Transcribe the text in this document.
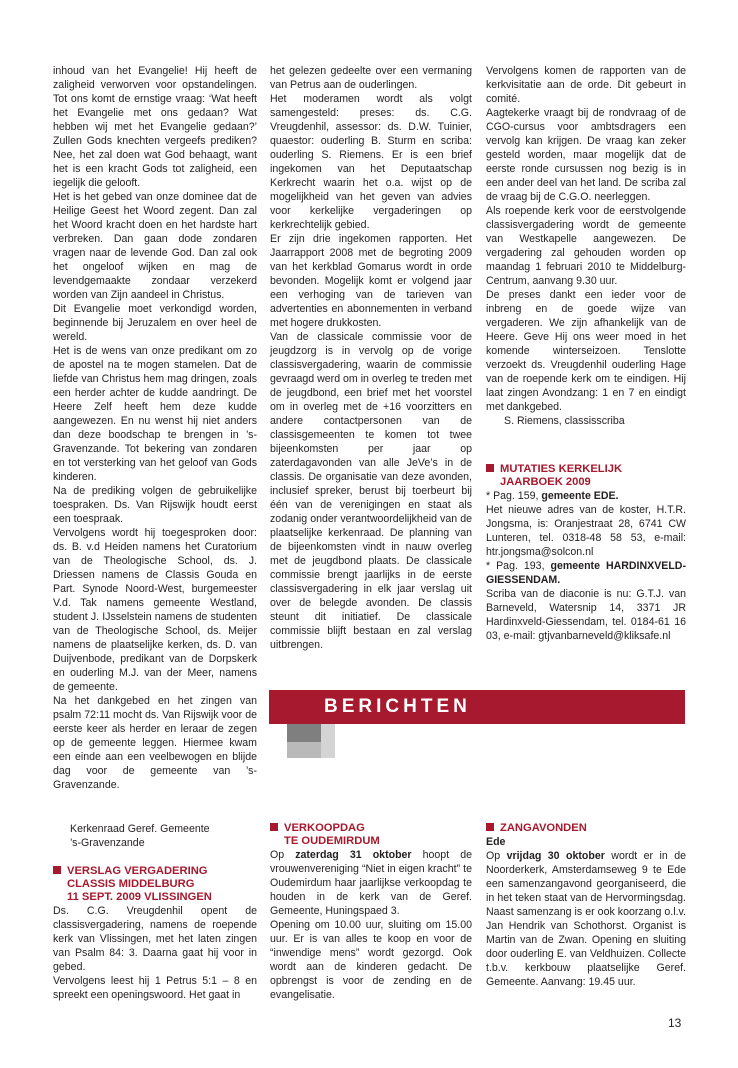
inhoud van het Evangelie! Hij heeft de zaligheid verworven voor opstandelingen. Tot ons komt de ernstige vraag: ‘Wat heeft het Evangelie met ons gedaan? Wat hebben wij met het Evangelie gedaan?’ Zullen Gods knechten vergeefs prediken? Nee, het zal doen wat God behaagt, want het is een kracht Gods tot zaligheid, een iegelijk die gelooft.

Het is het gebed van onze dominee dat de Heilige Geest het Woord zegent. Dan zal het Woord kracht doen en het hardste hart verbreken. Dan gaan dode zondaren vragen naar de levende God. Dan zal ook het ongeloof wijken en mag de levendgemaakte zondaar verzekerd worden van Zijn aandeel in Christus.

Dit Evangelie moet verkondigd worden, beginnende bij Jeruzalem en over heel de wereld.

Het is de wens van onze predikant om zo de apostel na te mogen stamelen. Dat de liefde van Christus hem mag dringen, zoals een herder achter de kudde aandringt. De Heere Zelf heeft hem deze kudde aangewezen. En nu wenst hij niet anders dan deze boodschap te brengen in ’s-Gravenzande. Tot bekering van zondaren en tot versterking van het geloof van Gods kinderen.

Na de prediking volgen de gebruikelijke toespraken. Ds. Van Rijswijk houdt eerst een toespraak.

Vervolgens wordt hij toegesproken door: ds. B. v.d Heiden namens het Curatorium van de Theologische School, ds. J. Driessen namens de Classis Gouda en Part. Synode Noord-West, burgemeester V.d. Tak namens gemeente Westland, student J. IJsselstein namens de studenten van de Theologische School, ds. Meijer namens de plaatselijke kerken, ds. D. van Duijvenbode, predikant van de Dorpskerk en ouderling M.J. van der Meer, namens de gemeente.

Na het dankgebed en het zingen van psalm 72:11 mocht ds. Van Rijswijk voor de eerste keer als herder en leraar de zegen op de gemeente leggen. Hiermee kwam een einde aan een veelbewogen en blijde dag voor de gemeente van ’s-Gravenzande.

Kerkenraad Geref. Gemeente

’s-Gravenzande

VERSLAG VERGADERING
CLASSIS MIDDELBURG
11 SEPT. 2009 VLISSINGEN

Ds. C.G. Vreugdenhil opent de classisvergadering, namens de roepende kerk van Vlissingen, met het laten zingen van Psalm 84: 3. Daarna gaat hij voor in gebed.

Vervolgens leest hij 1 Petrus 5:1 – 8 en spreekt een openingswoord. Het gaat in

het gelezen gedeelte over een vermaning van Petrus aan de ouderlingen.

Het moderamen wordt als volgt samengesteld: preses: ds. C.G. Vreugdenhil, assessor: ds. D.W. Tuinier, quaestor: ouderling B. Sturm en scriba: ouderling S. Riemens. Er is een brief ingekomen van het Deputaatschap Kerkrecht waarin het o.a. wijst op de mogelijkheid van het geven van advies voor kerkelijke vergaderingen op kerkrechtelijk gebied.

Er zijn drie ingekomen rapporten. Het Jaarrapport 2008 met de begroting 2009 van het kerkblad Gomarus wordt in orde bevonden. Mogelijk komt er volgend jaar een verhoging van de tarieven van advertenties en abonnementen in verband met hogere drukkosten.

Van de classicale commissie voor de jeugdzorg is in vervolg op de vorige classisvergadering, waarin de commissie gevraagd werd om in overleg te treden met de jeugdbond, een brief met het voorstel om in overleg met de +16 voorzitters en andere contactpersonen van de classisgemeenten te komen tot twee bijeenkomsten per jaar op zaterdagavonden van alle JeVe’s in de classis. De organisatie van deze avonden, inclusief spreker, berust bij toerbeurt bij één van de verenigingen en staat als zodanig onder verantwoordelijkheid van de plaatselijke kerkenraad. De planning van de bijeenkomsten vindt in nauw overleg met de jeugdbond plaats. De classicale commissie brengt jaarlijks in de eerste classisvergadering in elk jaar verslag uit over de belegde avonden. De classis steunt dit initiatief. De classicale commissie blijft bestaan en zal verslag uitbrengen.

Vervolgens komen de rapporten van de kerkvisitatie aan de orde. Dit gebeurt in comité.

Aagtekerke vraagt bij de rondvraag of de CGO-cursus voor ambtsdragers een vervolg kan krijgen. De vraag kan zeker gesteld worden, maar mogelijk dat de eerste ronde cursussen nog bezig is in een ander deel van het land. De scriba zal de vraag bij de C.G.O. neerleggen.

Als roepende kerk voor de eerstvolgende classisvergadering wordt de gemeente van Westkapelle aangewezen. De vergadering zal gehouden worden op maandag 1 februari 2010 te Middelburg-Centrum, aanvang 9.30 uur.

De preses dankt een ieder voor de inbreng en de goede wijze van vergaderen. We zijn afhankelijk van de Heere. Geve Hij ons weer moed in het komende winterseizoen. Tenslotte verzoekt ds. Vreugdenhil ouderling Hage van de roepende kerk om te eindigen. Hij laat zingen Avondzang: 1 en 7 en eindigt met dankgebed.

S. Riemens, classisscriba

MUTATIES KERKELIJK
JAARBOEK 2009

* Pag. 159, gemeente EDE.

Het nieuwe adres van de koster, H.T.R. Jongsma, is: Oranjestraat 28, 6741 CW Lunteren, tel. 0318-48 58 53, e-mail: htr.jongsma@solcon.nl

* Pag. 193, gemeente HARDINXVELD-GIESSENDAM.

Scriba van de diaconie is nu: G.T.J. van Barneveld, Watersnip 14, 3371 JR Hardinxveld-Giessendam, tel. 0184-61 16 03, e-mail: gtjvanbarneveld@kliksafe.nl

BERICHTEN
VERKOOPDAG
TE OUDEMIRDUM

Op zaterdag 31 oktober hoopt de vrouwenvereniging “Niet in eigen kracht” te Oudemirdum haar jaarlijkse verkoopdag te houden in de kerk van de Geref. Gemeente, Huningspaed 3.

Opening om 10.00 uur, sluiting om 15.00 uur. Er is van alles te koop en voor de “inwendige mens” wordt gezorgd. Ook wordt aan de kinderen gedacht. De opbrengst is voor de zending en de evangelisatie.

ZANGAVONDEN

Ede

Op vrijdag 30 oktober wordt er in de Noorderkerk, Amsterdamseweg 9 te Ede een samenzangavond georganiseerd, die in het teken staat van de Hervormingsdag. Naast samenzang is er ook koorzang o.l.v. Jan Hendrik van Schothorst. Organist is Martin van de Zwan. Opening en sluiting door ouderling E. van Veldhuizen. Collecte t.b.v. kerkbouw plaatselijke Geref. Gemeente. Aanvang: 19.45 uur.

13
